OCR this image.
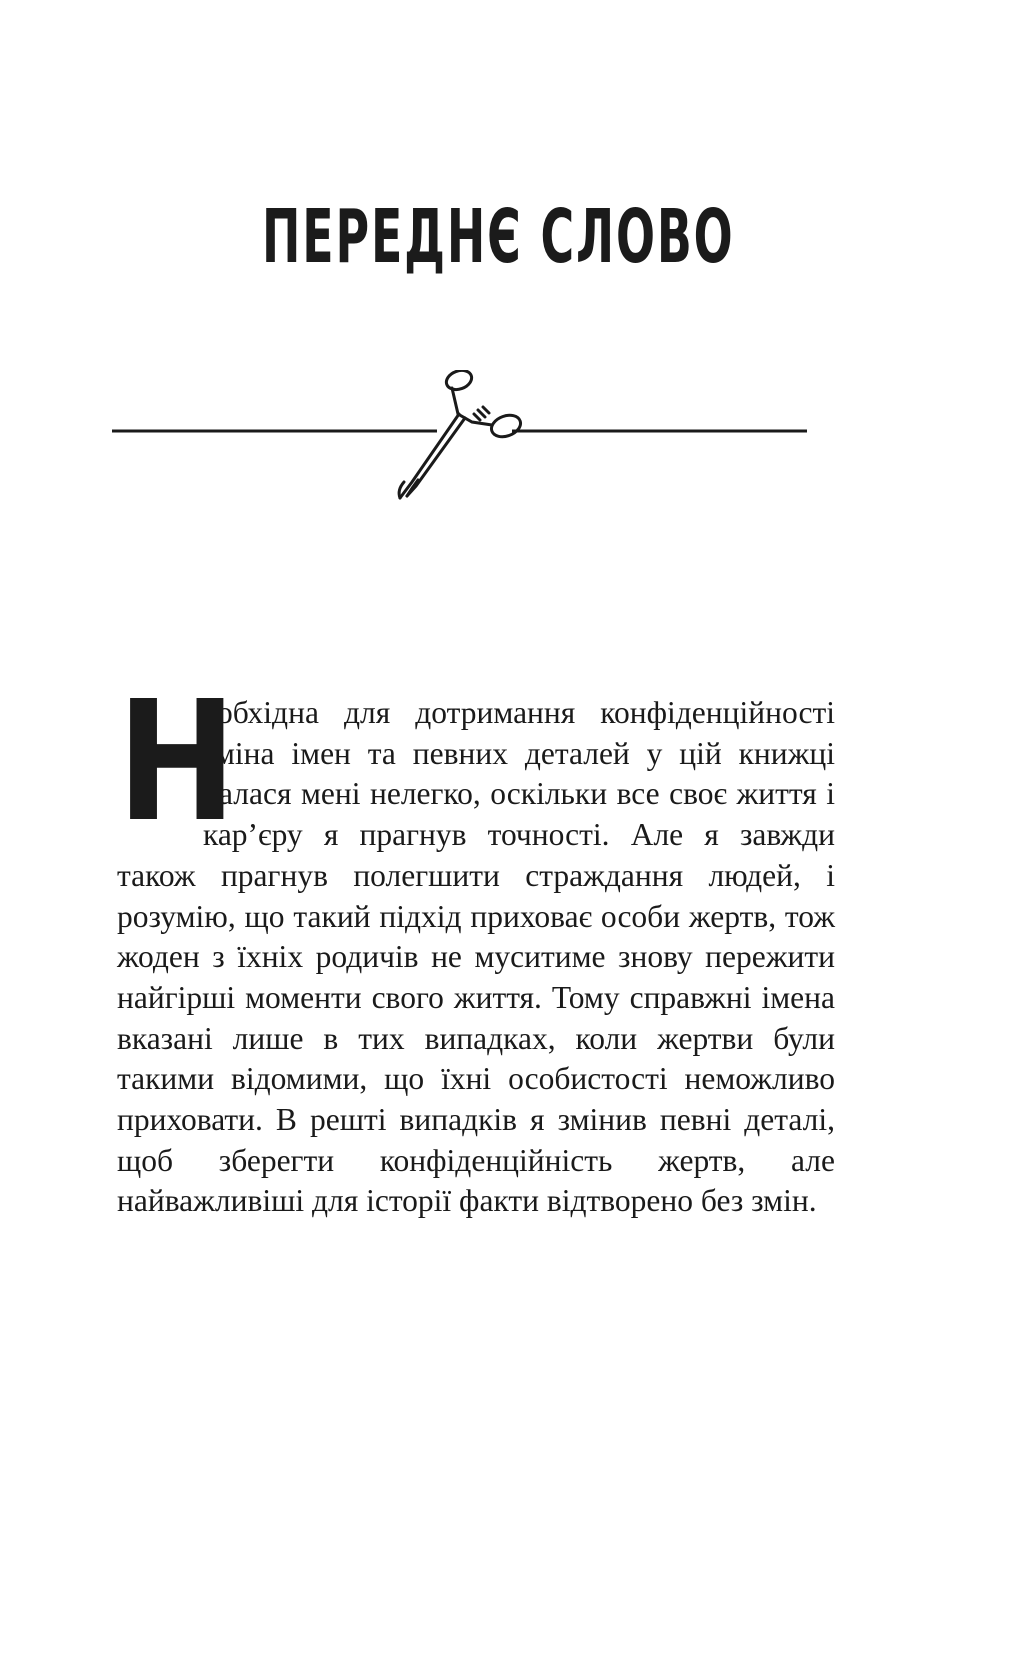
ПЕРЕДНЄ СЛОВО

Н
еобхідна для дотримання конфіденційності зміна імен та певних деталей у цій книжці далася мені нелегко, оскільки все своє життя і кар’єру я прагнув точності. Але я завжди також прагнув полегшити страждання людей, і розумію, що такий підхід приховає особи жертв, тож жоден з їхніх родичів не муситиме знову пережити найгірші моменти свого життя. Тому справжні імена вказані лише в тих випадках, коли жертви були такими відомими, що їхні особистості неможливо приховати. В решті випадків я змінив певні деталі, щоб зберегти конфіденційність жертв, але найважливіші для історії факти відтворено без змін.
